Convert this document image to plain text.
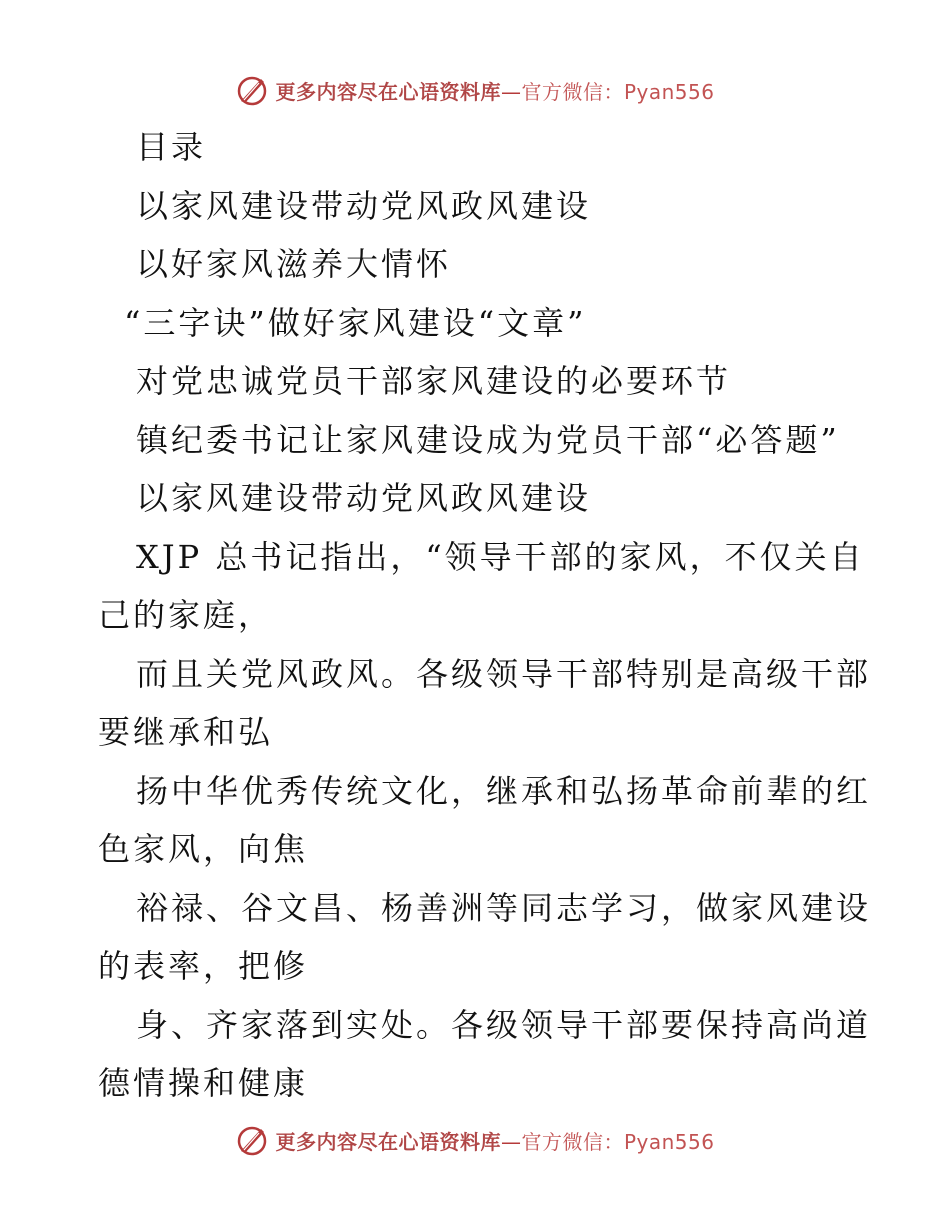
更多内容尽在心语资料库—官方微信：Pyan556
目录
以家风建设带动党风政风建设
以好家风滋养大情怀
“三字诀”做好家风建设“文章”
对党忠诚党员干部家风建设的必要环节
镇纪委书记让家风建设成为党员干部“必答题”
以家风建设带动党风政风建设
XJP 总书记指出，“领导干部的家风，不仅关自
己的家庭，
而且关党风政风。各级领导干部特别是高级干部
要继承和弘
扬中华优秀传统文化，继承和弘扬革命前辈的红
色家风，向焦
裕禄、谷文昌、杨善洲等同志学习，做家风建设
的表率，把修
身、齐家落到实处。各级领导干部要保持高尚道
德情操和健康
更多内容尽在心语资料库—官方微信：Pyan556
